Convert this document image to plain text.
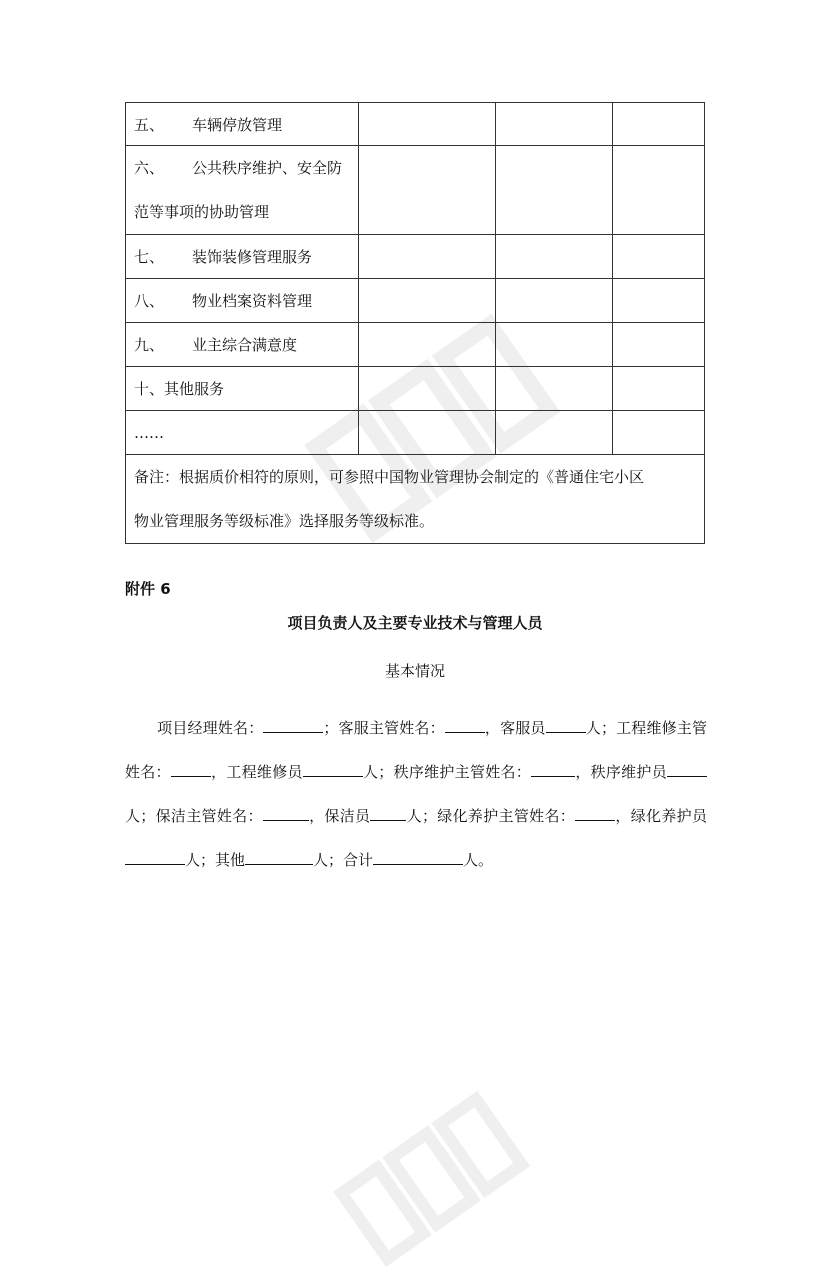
五、 车辆停放管理			
六、 公共秩序维护、安全防
范等事项的协助管理			
七、 装饰装修管理服务			
八、 物业档案资料管理			
九、 业主综合满意度			
十、其他服务			
……			
备注：根据质价相符的原则，可参照中国物业管理协会制定的《普通住宅小区
物业管理服务等级标准》选择服务等级标准。			
附件 6
项目负责人及主要专业技术与管理人员
基本情况
项目经理姓名：	；客服主管姓名：	，客服员	人；工程维修主管姓名：	，工程维修员	人；秩序维护主管姓名：	，秩序维护员人；保洁主管姓名：	，保洁员 人；绿化养护主管姓名：	，绿化养护员人；其他	人；合计	人。
